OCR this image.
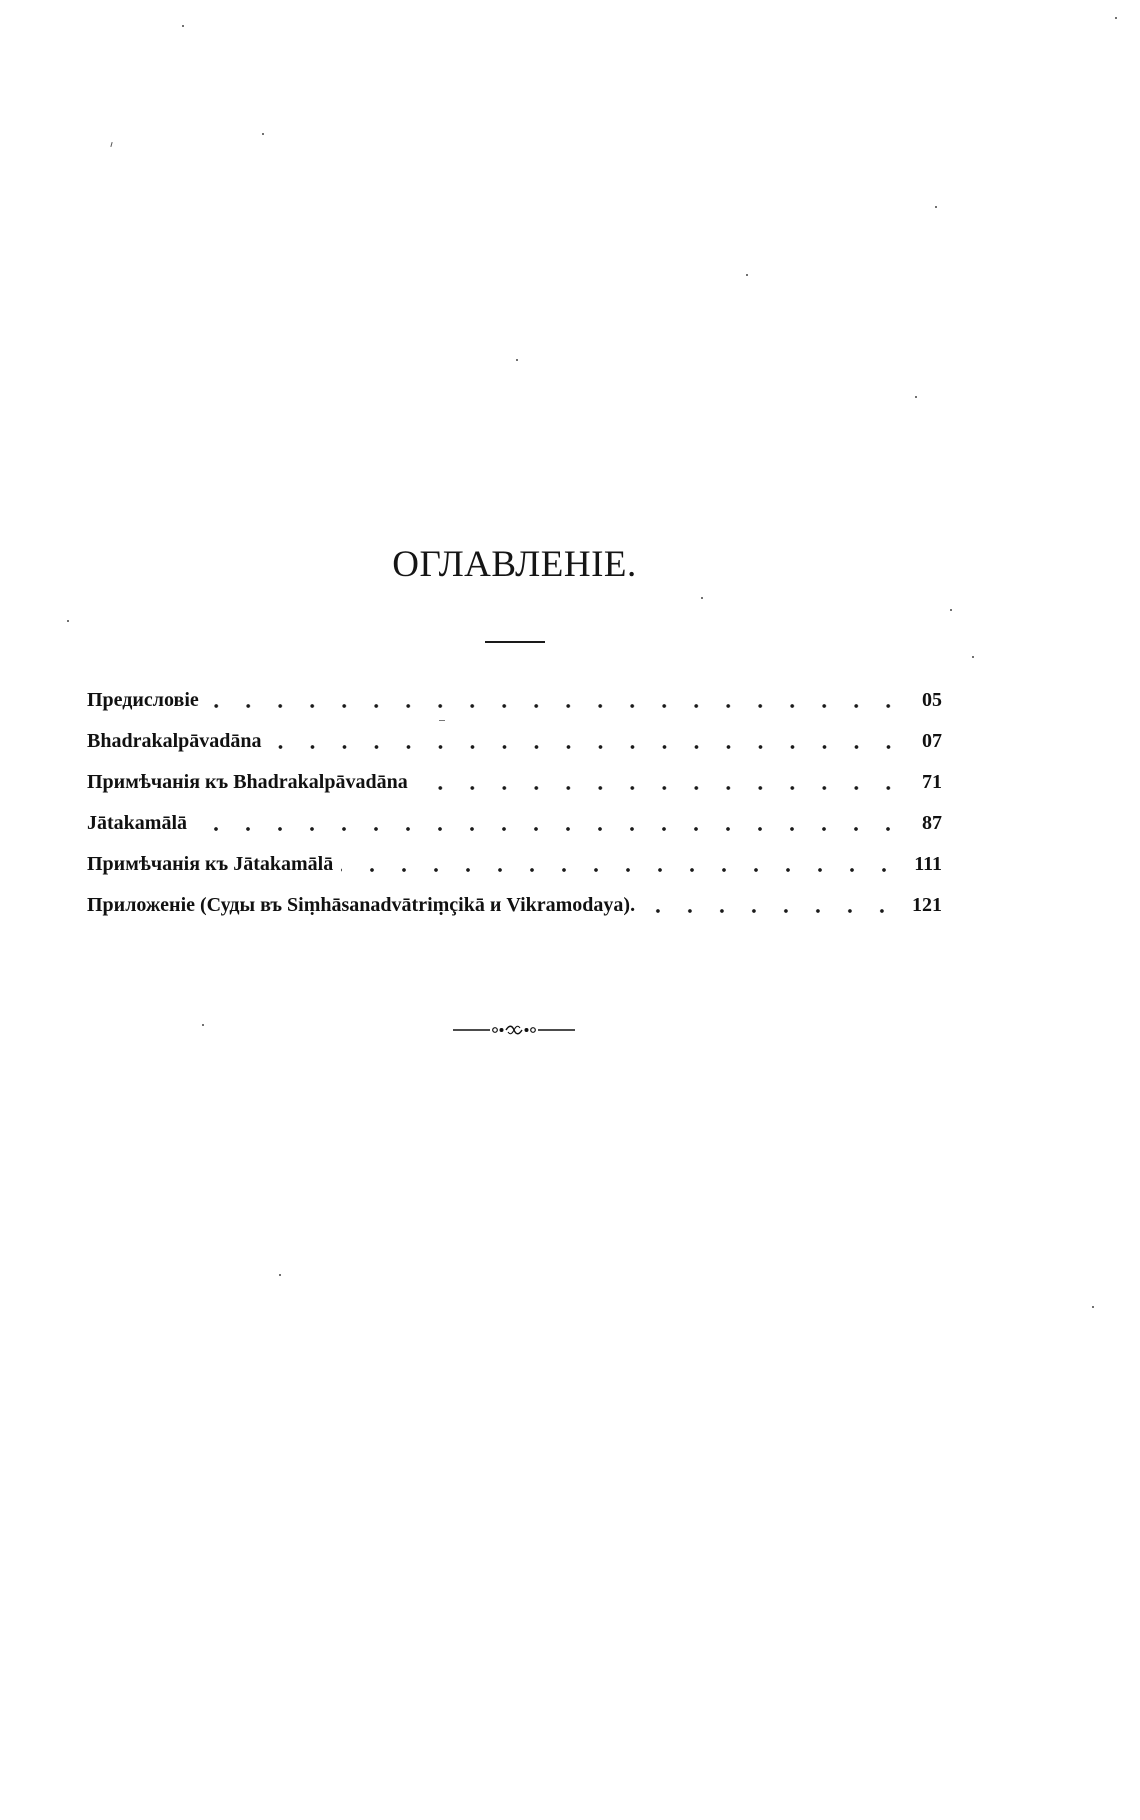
ОГЛАВЛЕНІЕ.
Предисловіе	05
Bhadrakalpāvadāna	07
Примѣчанія къ Bhadrakalpāvadāna	71
Jātakamālā	87
Примѣчанія къ Jātakamālā	111
Приложеніе (Суды въ Siṃhāsanadvātriṃçikā и Vikramodaya).	121
